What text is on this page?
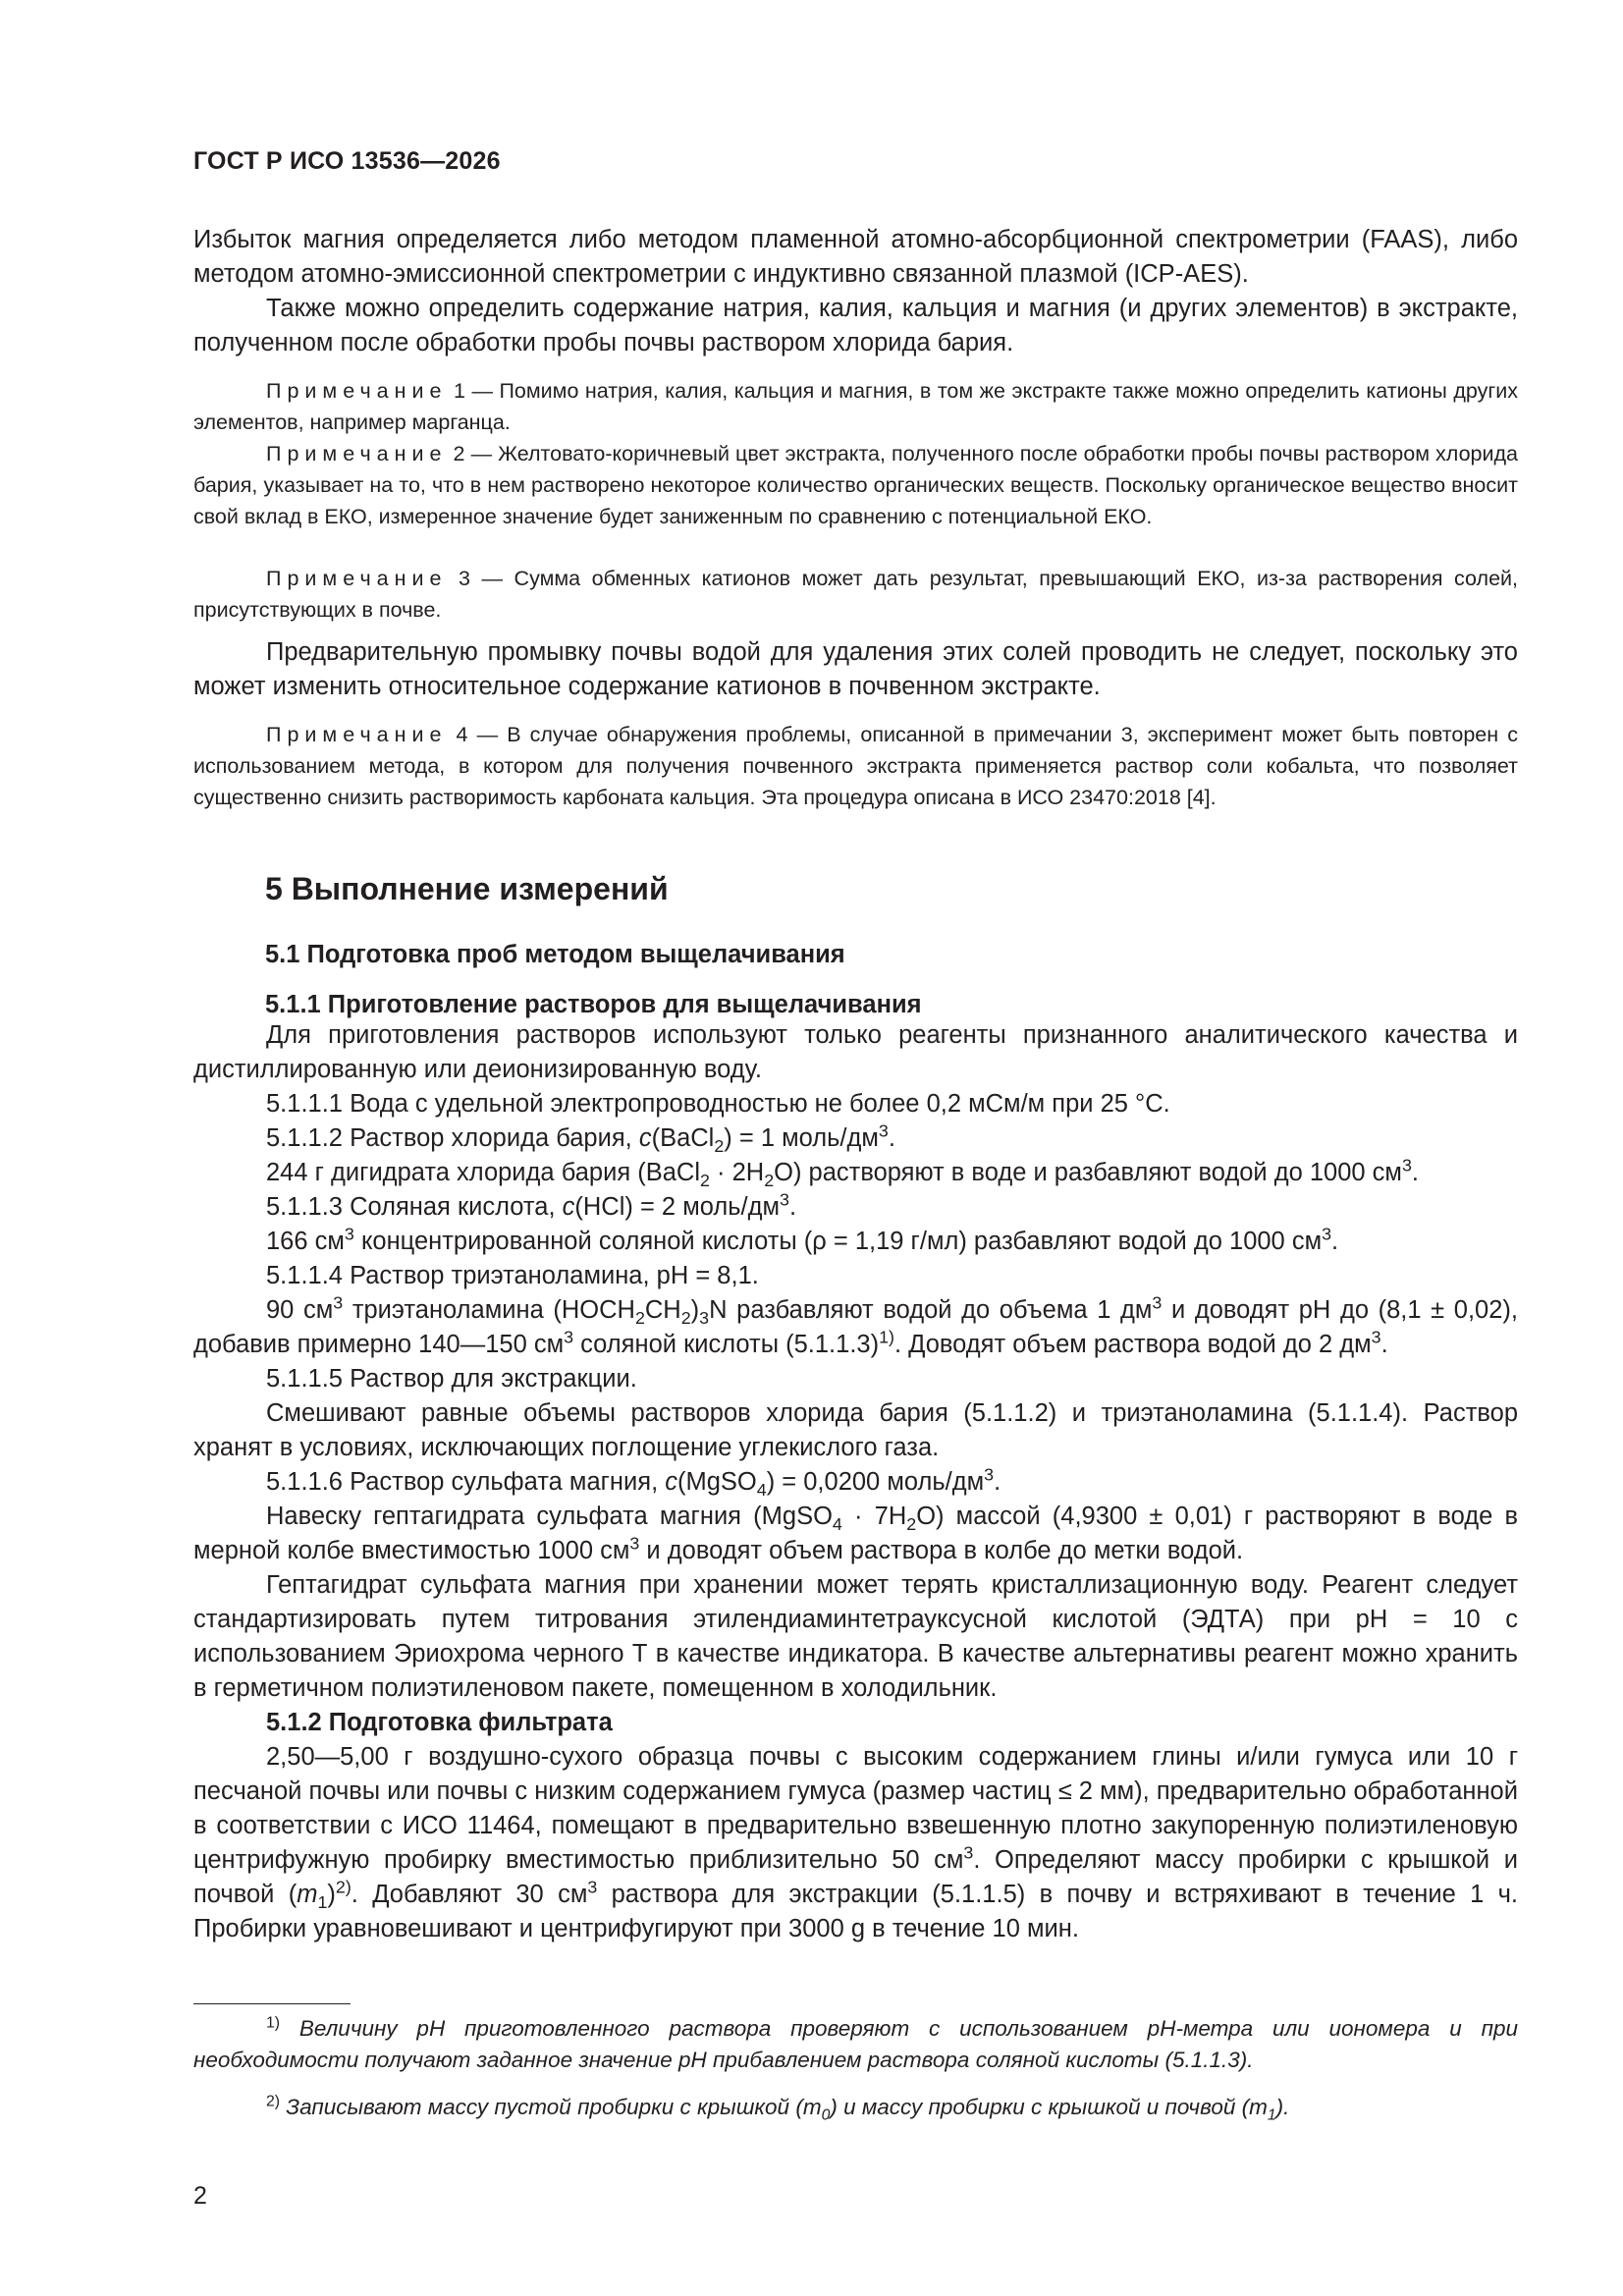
ГОСТ Р ИСО 13536—2026

Избыток магния определяется либо методом пламенной атомно-абсорбционной спектрометрии (FAAS), либо методом атомно-эмиссионной спектрометрии с индуктивно связанной плазмой (ICP-AES).

Также можно определить содержание натрия, калия, кальция и магния (и других элементов) в экстракте, полученном после обработки пробы почвы раствором хлорида бария.

Примечание 1 — Помимо натрия, калия, кальция и магния, в том же экстракте также можно определить катионы других элементов, например марганца.

Примечание 2 — Желтовато-коричневый цвет экстракта, полученного после обработки пробы почвы раствором хлорида бария, указывает на то, что в нем растворено некоторое количество органических веществ. Поскольку органическое вещество вносит свой вклад в ЕКО, измеренное значение будет заниженным по сравнению с потенциальной ЕКО.

Примечание 3 — Сумма обменных катионов может дать результат, превышающий ЕКО, из-за растворения солей, присутствующих в почве.

Предварительную промывку почвы водой для удаления этих солей проводить не следует, поскольку это может изменить относительное содержание катионов в почвенном экстракте.

Примечание 4 — В случае обнаружения проблемы, описанной в примечании 3, эксперимент может быть повторен с использованием метода, в котором для получения почвенного экстракта применяется раствор соли кобальта, что позволяет существенно снизить растворимость карбоната кальция. Эта процедура описана в ИСО 23470:2018 [4].

5 Выполнение измерений
5.1 Подготовка проб методом выщелачивания
5.1.1 Приготовление растворов для выщелачивания

Для приготовления растворов используют только реагенты признанного аналитического качества и дистиллированную или деионизированную воду.

5.1.1.1 Вода с удельной электропроводностью не более 0,2 мСм/м при 25 °C.

5.1.1.2 Раствор хлорида бария, c(BaCl$_2$) = 1 моль/$дм^3$.

244 г дигидрата хлорида бария (BaCl$_2$ · $2H_2O$) растворяют в воде и разбавляют водой до 1000 $см^3$.

5.1.1.3 Соляная кислота, c(HCl) = 2 моль/$дм^3$.

166 $см^3$ концентрированной соляной кислоты (ρ = 1,19 г/мл) разбавляют водой до 1000 $см^3$.

5.1.1.4 Раствор триэтаноламина, pH = 8,1.

90 $см^3$ триэтаноламина $(HOCH_2CH_2)_3N$ разбавляют водой до объема 1 $дм^3$ и доводят pH до (8,1 ± 0,02), добавив примерно 140—150 $см^3$ соляной кислоты $(5.1.1.3)^{1)}$. Доводят объем раствора водой до 2 $дм^3$.

5.1.1.5 Раствор для экстракции.

Смешивают равные объемы растворов хлорида бария (5.1.1.2) и триэтаноламина (5.1.1.4). Раствор хранят в условиях, исключающих поглощение углекислого газа.

5.1.1.6 Раствор сульфата магния, c(MgSO$_4$) = 0,0200 моль/$дм^3$.

Навеску гептагидрата сульфата магния (MgSO$_4$ · $7H_2O$) массой (4,9300 ± 0,01) г растворяют в воде в мерной колбе вместимостью 1000 $см^3$ и доводят объем раствора в колбе до метки водой.

Гептагидрат сульфата магния при хранении может терять кристаллизационную воду. Реагент следует стандартизировать путем титрования этилендиаминтетрауксусной кислотой (ЭДТА) при pH = 10 с использованием Эриохрома черного Т в качестве индикатора. В качестве альтернативы реагент можно хранить в герметичном полиэтиленовом пакете, помещенном в холодильник.

5.1.2 Подготовка фильтрата

2,50—5,00 г воздушно-сухого образца почвы с высоким содержанием глины и/или гумуса или 10 г песчаной почвы или почвы с низким содержанием гумуса (размер частиц ≤ 2 мм), предварительно обработанной в соответствии с ИСО 11464, помещают в предварительно взвешенную плотно закупоренную полиэтиленовую центрифужную пробирку вместимостью приблизительно 50 $см^3$. Определяют массу пробирки с крышкой и почвой $(m_1)^{2)}$. Добавляют 30 $см^3$ раствора для экстракции (5.1.1.5) в почву и встряхивают в течение 1 ч. Пробирки уравновешивают и центрифугируют при 3000 g в течение 10 мин.

$^{1)}$ Величину pH приготовленного раствора проверяют с использованием pH-метра или иономера и при необходимости получают заданное значение pH прибавлением раствора соляной кислоты (5.1.1.3).

$^{2)}$ Записывают массу пустой пробирки с крышкой $(m_0)$ и массу пробирки с крышкой и почвой $(m_1)$.

2
